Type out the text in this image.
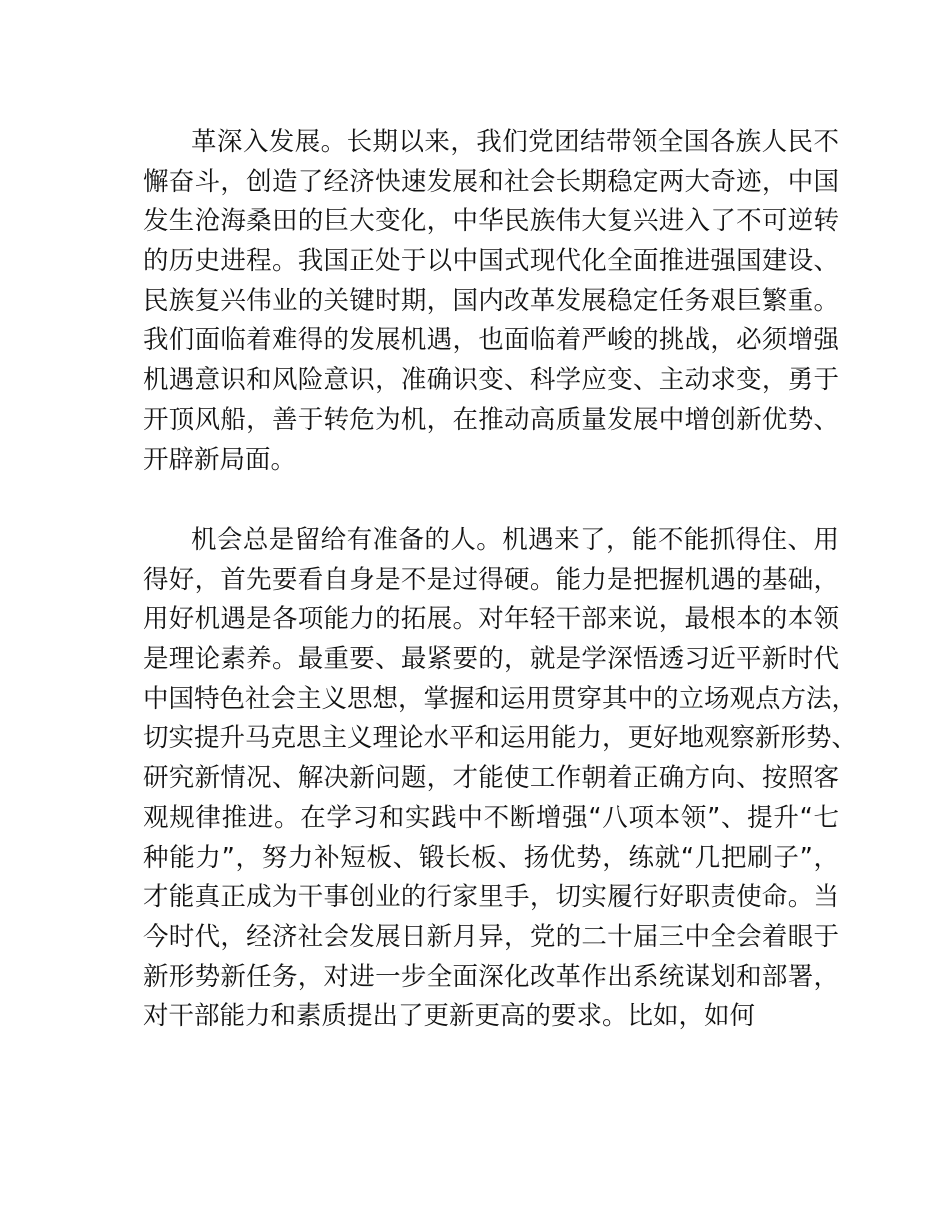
革深入发展。长期以来，我们党团结带领全国各族人民不
懈奋斗，创造了经济快速发展和社会长期稳定两大奇迹，中国
发生沧海桑田的巨大变化，中华民族伟大复兴进入了不可逆转
的历史进程。我国正处于以中国式现代化全面推进强国建设、
民族复兴伟业的关键时期，国内改革发展稳定任务艰巨繁重。
我们面临着难得的发展机遇，也面临着严峻的挑战，必须增强
机遇意识和风险意识，准确识变、科学应变、主动求变，勇于
开顶风船，善于转危为机，在推动高质量发展中增创新优势、
开辟新局面。
机会总是留给有准备的人。机遇来了，能不能抓得住、用
得好，首先要看自身是不是过得硬。能力是把握机遇的基础，
用好机遇是各项能力的拓展。对年轻干部来说，最根本的本领
是理论素养。最重要、最紧要的，就是学深悟透习近平新时代
中国特色社会主义思想，掌握和运用贯穿其中的立场观点方法，
切实提升马克思主义理论水平和运用能力，更好地观察新形势、
研究新情况、解决新问题，才能使工作朝着正确方向、按照客
观规律推进。在学习和实践中不断增强“八项本领”、提升“七
种能力”，努力补短板、锻长板、扬优势，练就“几把刷子”，
才能真正成为干事创业的行家里手，切实履行好职责使命。当
今时代，经济社会发展日新月异，党的二十届三中全会着眼于
新形势新任务，对进一步全面深化改革作出系统谋划和部署，
对干部能力和素质提出了更新更高的要求。比如，如何
